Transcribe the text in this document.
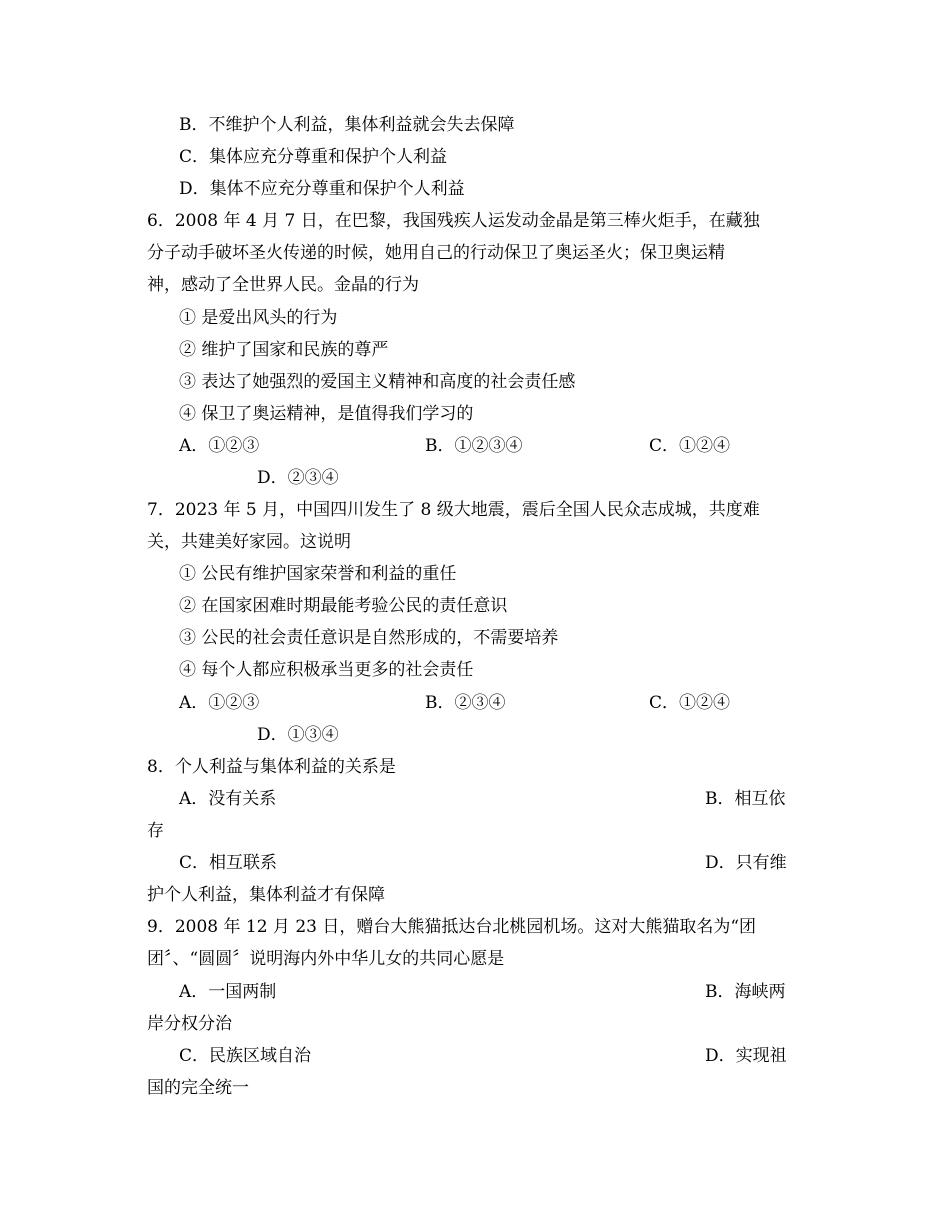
B．不维护个人利益，集体利益就会失去保障
C．集体应充分尊重和保护个人利益
D．集体不应充分尊重和保护个人利益
6．2008 年 4 月 7 日，在巴黎，我国残疾人运发动金晶是第三棒火炬手，在藏独
分子动手破坏圣火传递的时候，她用自己的行动保卫了奥运圣火；保卫奥运精
神，感动了全世界人民。金晶的行为
① 是爱出风头的行为
② 维护了国家和民族的尊严
③ 表达了她强烈的爱国主义精神和高度的社会责任感
④ 保卫了奥运精神，是值得我们学习的
A．①②③	B．①②③④	C．①②④
D．②③④
7．2023 年 5 月，中国四川发生了 8 级大地震，震后全国人民众志成城，共度难
关，共建美好家园。这说明
① 公民有维护国家荣誉和利益的重任
② 在国家困难时期最能考验公民的责任意识
③ 公民的社会责任意识是自然形成的，不需要培养
④ 每个人都应积极承当更多的社会责任
A．①②③	B．②③④	C．①②④
D．①③④
8．个人利益与集体利益的关系是
A．没有关系	B．相互依
存
C．相互联系	D．只有维
护个人利益，集体利益才有保障
9．2008 年 12 月 23 日，赠台大熊猫抵达台北桃园机场。这对大熊猫取名为“团
团〞、“圆圆〞说明海内外中华儿女的共同心愿是
A．一国两制	B．海峡两
岸分权分治
C．民族区域自治	D．实现祖
国的完全统一
